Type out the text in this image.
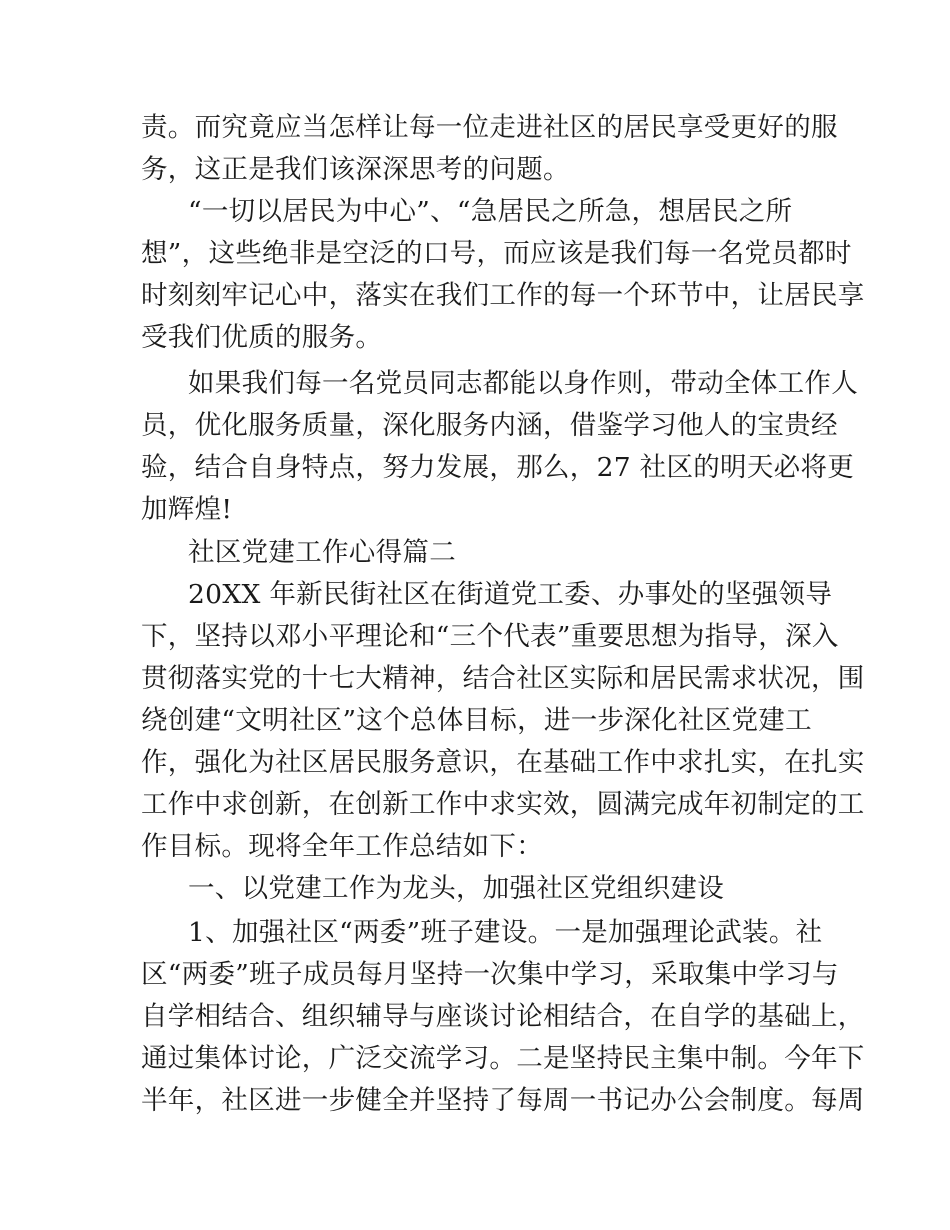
责。而究竟应当怎样让每一位走进社区的居民享受更好的服
务，这正是我们该深深思考的问题。
“一切以居民为中心”、“急居民之所急，想居民之所
想”，这些绝非是空泛的口号，而应该是我们每一名党员都时
时刻刻牢记心中，落实在我们工作的每一个环节中，让居民享
受我们优质的服务。
如果我们每一名党员同志都能以身作则，带动全体工作人
员，优化服务质量，深化服务内涵，借鉴学习他人的宝贵经
验，结合自身特点，努力发展，那么，27 社区的明天必将更
加辉煌!
社区党建工作心得篇二
20XX 年新民街社区在街道党工委、办事处的坚强领导
下，坚持以邓小平理论和“三个代表”重要思想为指导，深入
贯彻落实党的十七大精神，结合社区实际和居民需求状况，围
绕创建“文明社区”这个总体目标，进一步深化社区党建工
作，强化为社区居民服务意识，在基础工作中求扎实，在扎实
工作中求创新，在创新工作中求实效，圆满完成年初制定的工
作目标。现将全年工作总结如下：
一、以党建工作为龙头，加强社区党组织建设
1、加强社区“两委”班子建设。一是加强理论武装。社
区“两委”班子成员每月坚持一次集中学习，采取集中学习与
自学相结合、组织辅导与座谈讨论相结合，在自学的基础上，
通过集体讨论，广泛交流学习。二是坚持民主集中制。今年下
半年，社区进一步健全并坚持了每周一书记办公会制度。每周
